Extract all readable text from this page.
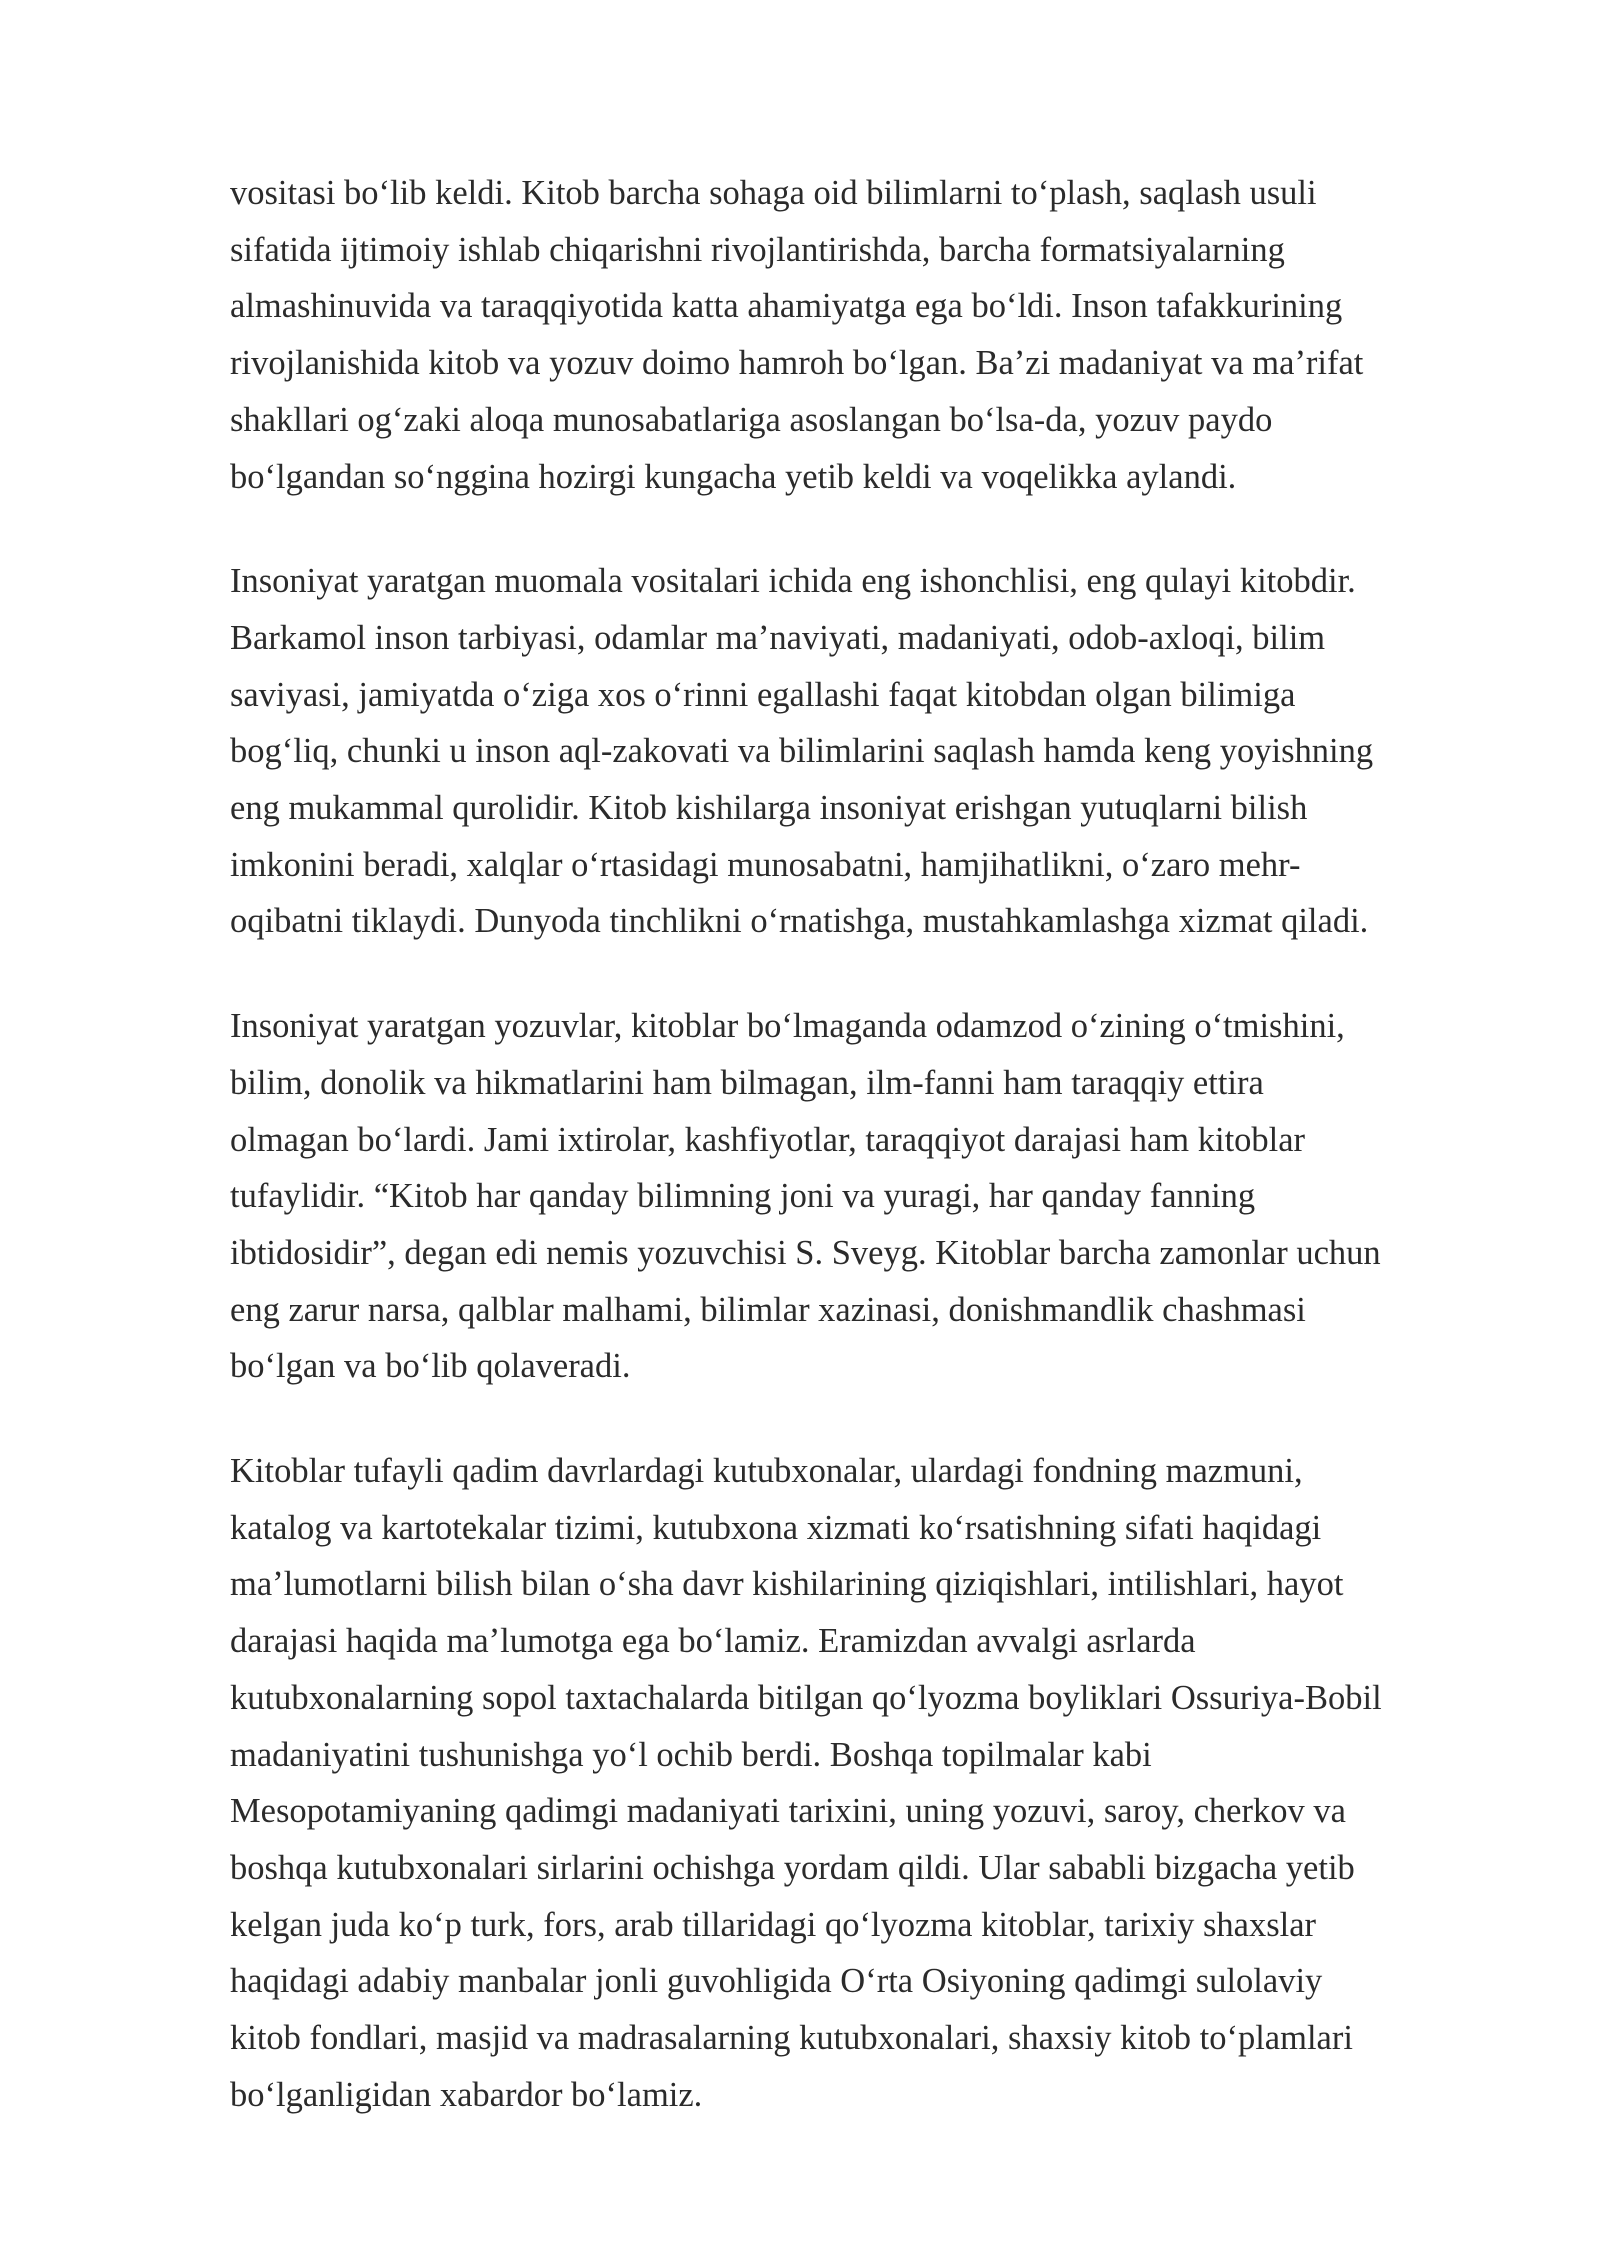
vositasi boʻlib keldi. Kitob barcha sohaga oid bilimlarni toʻplash, saqlash usuli
sifatida ijtimoiy ishlab chiqarishni rivojlantirishda, barcha formatsiyalarning
almashinuvida va taraqqiyotida katta ahamiyatga ega boʻldi. Inson tafakkurining
rivojlanishida kitob va yozuv doimo hamroh boʻlgan. Baʼzi madaniyat va maʼrifat
shakllari ogʻzaki aloqa munosabatlariga asoslangan boʻlsa-da, yozuv paydo
boʻlgandan soʻnggina hozirgi kungacha yetib keldi va voqelikka aylandi.

Insoniyat yaratgan muomala vositalari ichida eng ishonchlisi, eng qulayi kitobdir.
Barkamol inson tarbiyasi, odamlar maʼnaviyati, madaniyati, odob-axloqi, bilim
saviyasi, jamiyatda oʻziga xos oʻrinni egallashi faqat kitobdan olgan bilimiga
bogʻliq, chunki u inson aql-zakovati va bilimlarini saqlash hamda keng yoyishning
eng mukammal qurolidir. Kitob kishilarga insoniyat erishgan yutuqlarni bilish
imkonini beradi, xalqlar oʻrtasidagi munosabatni, hamjihatlikni, oʻzaro mehr-
oqibatni tiklaydi. Dunyoda tinchlikni oʻrnatishga, mustahkamlashga xizmat qiladi.

Insoniyat yaratgan yozuvlar, kitoblar boʻlmaganda odamzod oʻzining oʻtmishini,
bilim, donolik va hikmatlarini ham bilmagan, ilm-fanni ham taraqqiy ettira
olmagan boʻlardi. Jami ixtirolar, kashfiyotlar, taraqqiyot darajasi ham kitoblar
tufaylidir. “Kitob har qanday bilimning joni va yuragi, har qanday fanning
ibtidosidir”, degan edi nemis yozuvchisi S. Sveyg. Kitoblar barcha zamonlar uchun
eng zarur narsa, qalblar malhami, bilimlar xazinasi, donishmandlik chashmasi
boʻlgan va boʻlib qolaveradi.

Kitoblar tufayli qadim davrlardagi kutubxonalar, ulardagi fondning mazmuni,
katalog va kartotekalar tizimi, kutubxona xizmati koʻrsatishning sifati haqidagi
maʼlumotlarni bilish bilan oʻsha davr kishilarining qiziqishlari, intilishlari, hayot
darajasi haqida maʼlumotga ega boʻlamiz. Eramizdan avvalgi asrlarda
kutubxonalarning sopol taxtachalarda bitilgan qoʻlyozma boyliklari Ossuriya-Bobil
madaniyatini tushunishga yoʻl ochib berdi. Boshqa topilmalar kabi
Mesopotamiyaning qadimgi madaniyati tarixini, uning yozuvi, saroy, cherkov va
boshqa kutubxonalari sirlarini ochishga yordam qildi. Ular sababli bizgacha yetib
kelgan juda koʻp turk, fors, arab tillaridagi qoʻlyozma kitoblar, tarixiy shaxslar
haqidagi adabiy manbalar jonli guvohligida Oʻrta Osiyoning qadimgi sulolaviy
kitob fondlari, masjid va madrasalarning kutubxonalari, shaxsiy kitob toʻplamlari
boʻlganligidan xabardor boʻlamiz.
